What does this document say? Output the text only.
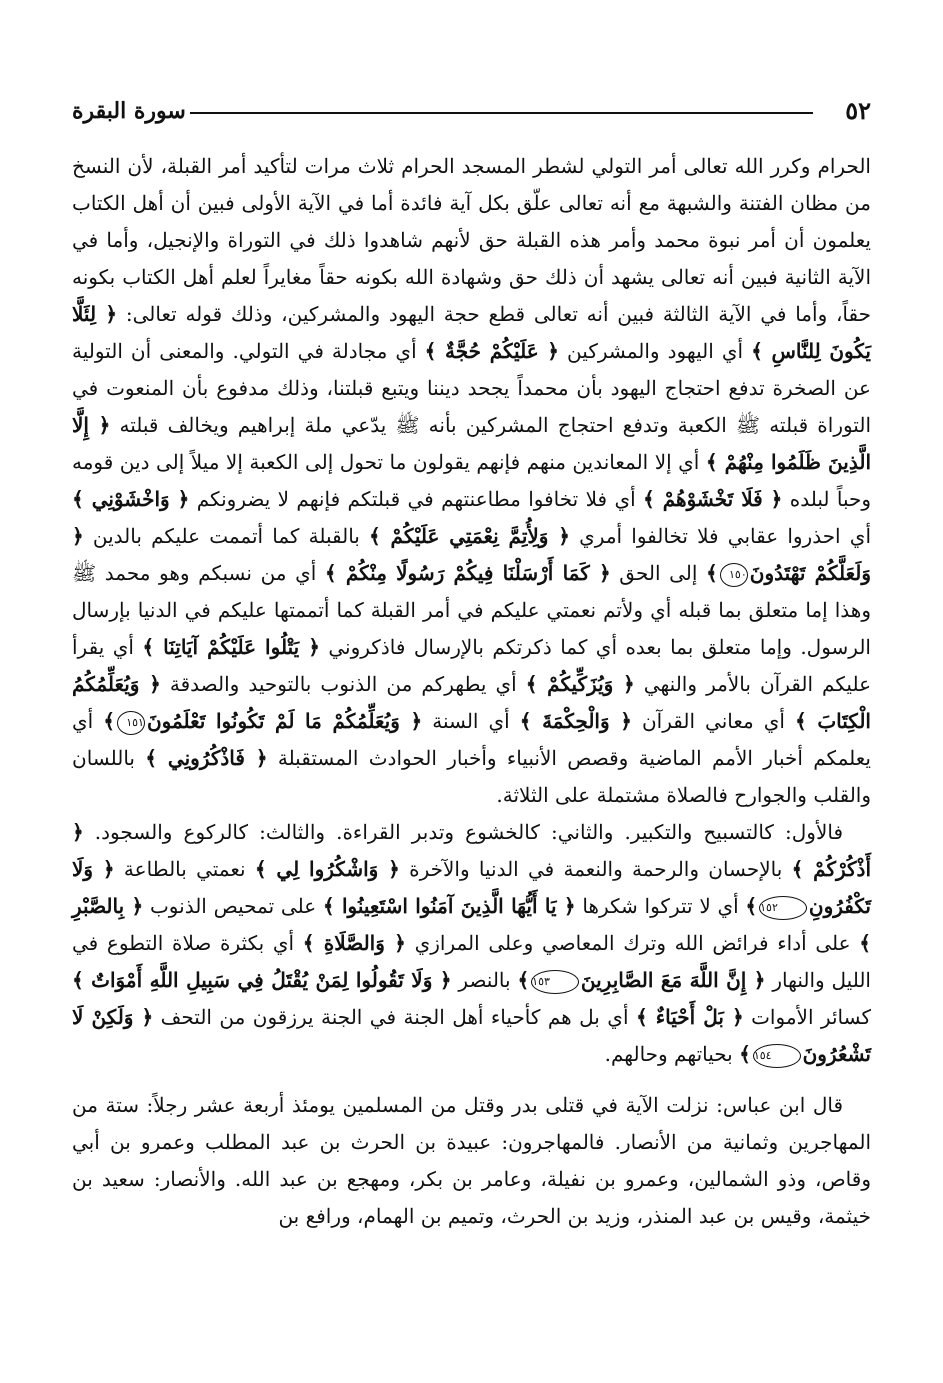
٥٢
سورة البقرة

الحرام وكرر الله تعالى أمر التولي لشطر المسجد الحرام ثلاث مرات لتأكيد أمر القبلة، لأن النسخ من مظان الفتنة والشبهة مع أنه تعالى علّق بكل آية فائدة أما في الآية الأولى فبين أن أهل الكتاب يعلمون أن أمر نبوة محمد وأمر هذه القبلة حق لأنهم شاهدوا ذلك في التوراة والإنجيل، وأما في الآية الثانية فبين أنه تعالى يشهد أن ذلك حق وشهادة الله بكونه حقاً مغايراً لعلم أهل الكتاب بكونه حقاً، وأما في الآية الثالثة فبين أنه تعالى قطع حجة اليهود والمشركين، وذلك قوله تعالى: ﴿ لِئَلَّا يَكُونَ لِلنَّاسِ ﴾ أي اليهود والمشركين ﴿ عَلَيْكُمْ حُجَّةٌ ﴾ أي مجادلة في التولي. والمعنى أن التولية عن الصخرة تدفع احتجاج اليهود بأن محمداً يجحد ديننا ويتبع قبلتنا، وذلك مدفوع بأن المنعوت في التوراة قبلته ﷺ الكعبة وتدفع احتجاج المشركين بأنه ﷺ يدّعي ملة إبراهيم ويخالف قبلته ﴿ إِلَّا الَّذِينَ ظَلَمُوا مِنْهُمْ ﴾ أي إلا المعاندين منهم فإنهم يقولون ما تحول إلى الكعبة إلا ميلاً إلى دين قومه وحباً لبلده ﴿ فَلَا تَخْشَوْهُمْ ﴾ أي فلا تخافوا مطاعنتهم في قبلتكم فإنهم لا يضرونكم ﴿ وَاخْشَوْنِي ﴾ أي احذروا عقابي فلا تخالفوا أمري ﴿ وَلِأُتِمَّ نِعْمَتِي عَلَيْكُمْ ﴾ بالقبلة كما أتممت عليكم بالدين ﴿ وَلَعَلَّكُمْ تَهْتَدُونَ١٥٠﴾ إلى الحق ﴿ كَمَا أَرْسَلْنَا فِيكُمْ رَسُولًا مِنْكُمْ ﴾ أي من نسبكم وهو محمد ﷺ وهذا إما متعلق بما قبله أي ولأتم نعمتي عليكم في أمر القبلة كما أتممتها عليكم في الدنيا بإرسال الرسول. وإما متعلق بما بعده أي كما ذكرتكم بالإرسال فاذكروني ﴿ يَتْلُوا عَلَيْكُمْ آيَاتِنَا ﴾ أي يقرأ عليكم القرآن بالأمر والنهي ﴿ وَيُزَكِّيكُمْ ﴾ أي يطهركم من الذنوب بالتوحيد والصدقة ﴿ وَيُعَلِّمُكُمُ الْكِتَابَ ﴾ أي معاني القرآن ﴿ وَالْحِكْمَةَ ﴾ أي السنة ﴿ وَيُعَلِّمُكُمْ مَا لَمْ تَكُونُوا تَعْلَمُونَ١٥١﴾ أي يعلمكم أخبار الأمم الماضية وقصص الأنبياء وأخبار الحوادث المستقبلة ﴿ فَاذْكُرُونِي ﴾ باللسان والقلب والجوارح فالصلاة مشتملة على الثلاثة.

فالأول: كالتسبيح والتكبير. والثاني: كالخشوع وتدبر القراءة. والثالث: كالركوع والسجود. ﴿ أَذْكُرْكُمْ ﴾ بالإحسان والرحمة والنعمة في الدنيا والآخرة ﴿ وَاشْكُرُوا لِي ﴾ نعمتي بالطاعة ﴿ وَلَا تَكْفُرُونِ١٥٢﴾ أي لا تتركوا شكرها ﴿ يَا أَيُّهَا الَّذِينَ آمَنُوا اسْتَعِينُوا ﴾ على تمحيص الذنوب ﴿ بِالصَّبْرِ ﴾ على أداء فرائض الله وترك المعاصي وعلى المرازي ﴿ وَالصَّلَاةِ ﴾ أي بكثرة صلاة التطوع في الليل والنهار ﴿ إِنَّ اللَّهَ مَعَ الصَّابِرِينَ١٥٣﴾ بالنصر ﴿ وَلَا تَقُولُوا لِمَنْ يُقْتَلُ فِي سَبِيلِ اللَّهِ أَمْوَاتٌ ﴾ كسائر الأموات ﴿ بَلْ أَحْيَاءٌ ﴾ أي بل هم كأحياء أهل الجنة في الجنة يرزقون من التحف ﴿ وَلَكِنْ لَا تَشْعُرُونَ١٥٤﴾ بحياتهم وحالهم.

قال ابن عباس: نزلت الآية في قتلى بدر وقتل من المسلمين يومئذ أربعة عشر رجلاً: ستة من المهاجرين وثمانية من الأنصار. فالمهاجرون: عبيدة بن الحرث بن عبد المطلب وعمرو بن أبي وقاص، وذو الشمالين، وعمرو بن نفيلة، وعامر بن بكر، ومهجع بن عبد الله. والأنصار: سعيد بن خيثمة، وقيس بن عبد المنذر، وزيد بن الحرث، وتميم بن الهمام، ورافع بن
